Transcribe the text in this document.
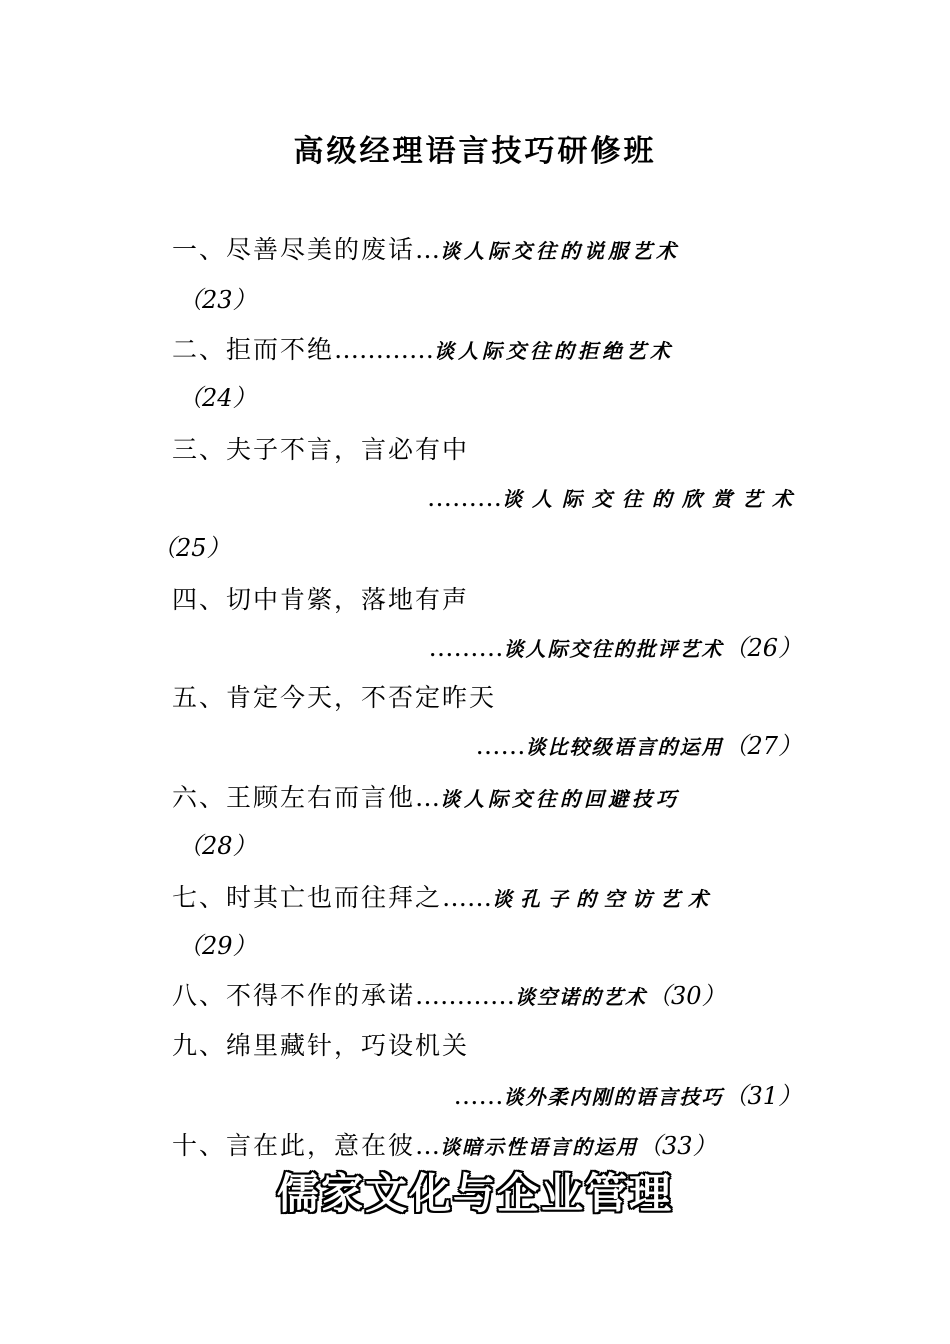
高级经理语言技巧研修班
一、尽善尽美的废话…谈人际交往的说服艺术
（23）
二、拒而不绝…………谈人际交往的拒绝艺术
（24）
三、夫子不言，言必有中
………谈人际交往的欣赏艺术
（25）
四、切中肯綮，落地有声
………谈人际交往的批评艺术（26）
五、肯定今天，不否定昨天
……谈比较级语言的运用（27）
六、王顾左右而言他…谈人际交往的回避技巧
（28）
七、时其亡也而往拜之……谈孔子的空访艺术
（29）
八、不得不作的承诺…………谈空诺的艺术（30）
九、绵里藏针，巧设机关
……谈外柔内刚的语言技巧（31）
十、言在此，意在彼…谈暗示性语言的运用（33）
儒家文化与企业管理
